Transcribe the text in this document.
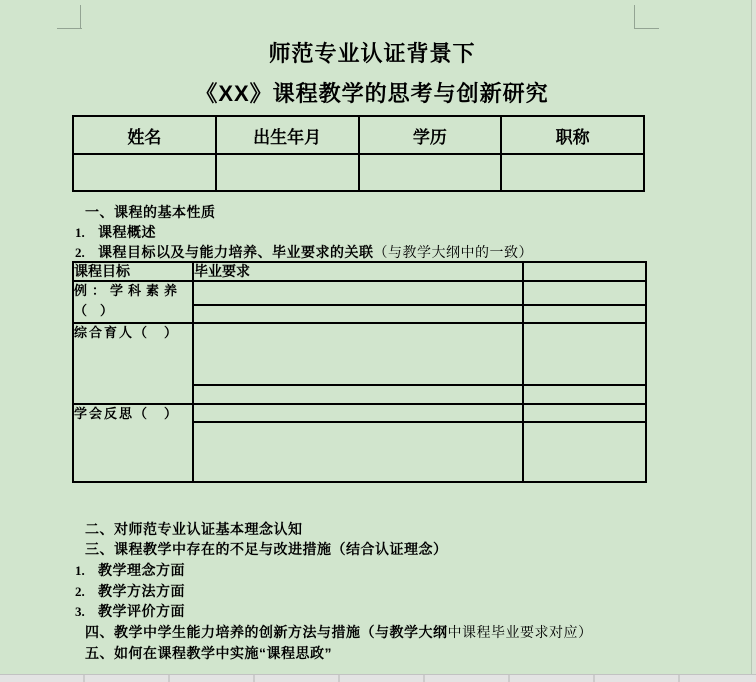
师范专业认证背景下
《XX》课程教学的思考与创新研究
姓名	出生年月	学历	职称

一、课程的基本性质
1. 课程概述
2. 课程目标以及与能力培养、毕业要求的关联（与教学大纲中的一致）
课程目标	毕业要求	

例：学科素养
（　）		

综合育人（　）		

学会反思（　）		

二、对师范专业认证基本理念认知
三、课程教学中存在的不足与改进措施（结合认证理念）
1. 教学理念方面
2. 教学方法方面
3. 教学评价方面
四、教学中学生能力培养的创新方法与措施（与教学大纲中课程毕业要求对应）
五、如何在课程教学中实施“课程思政”
